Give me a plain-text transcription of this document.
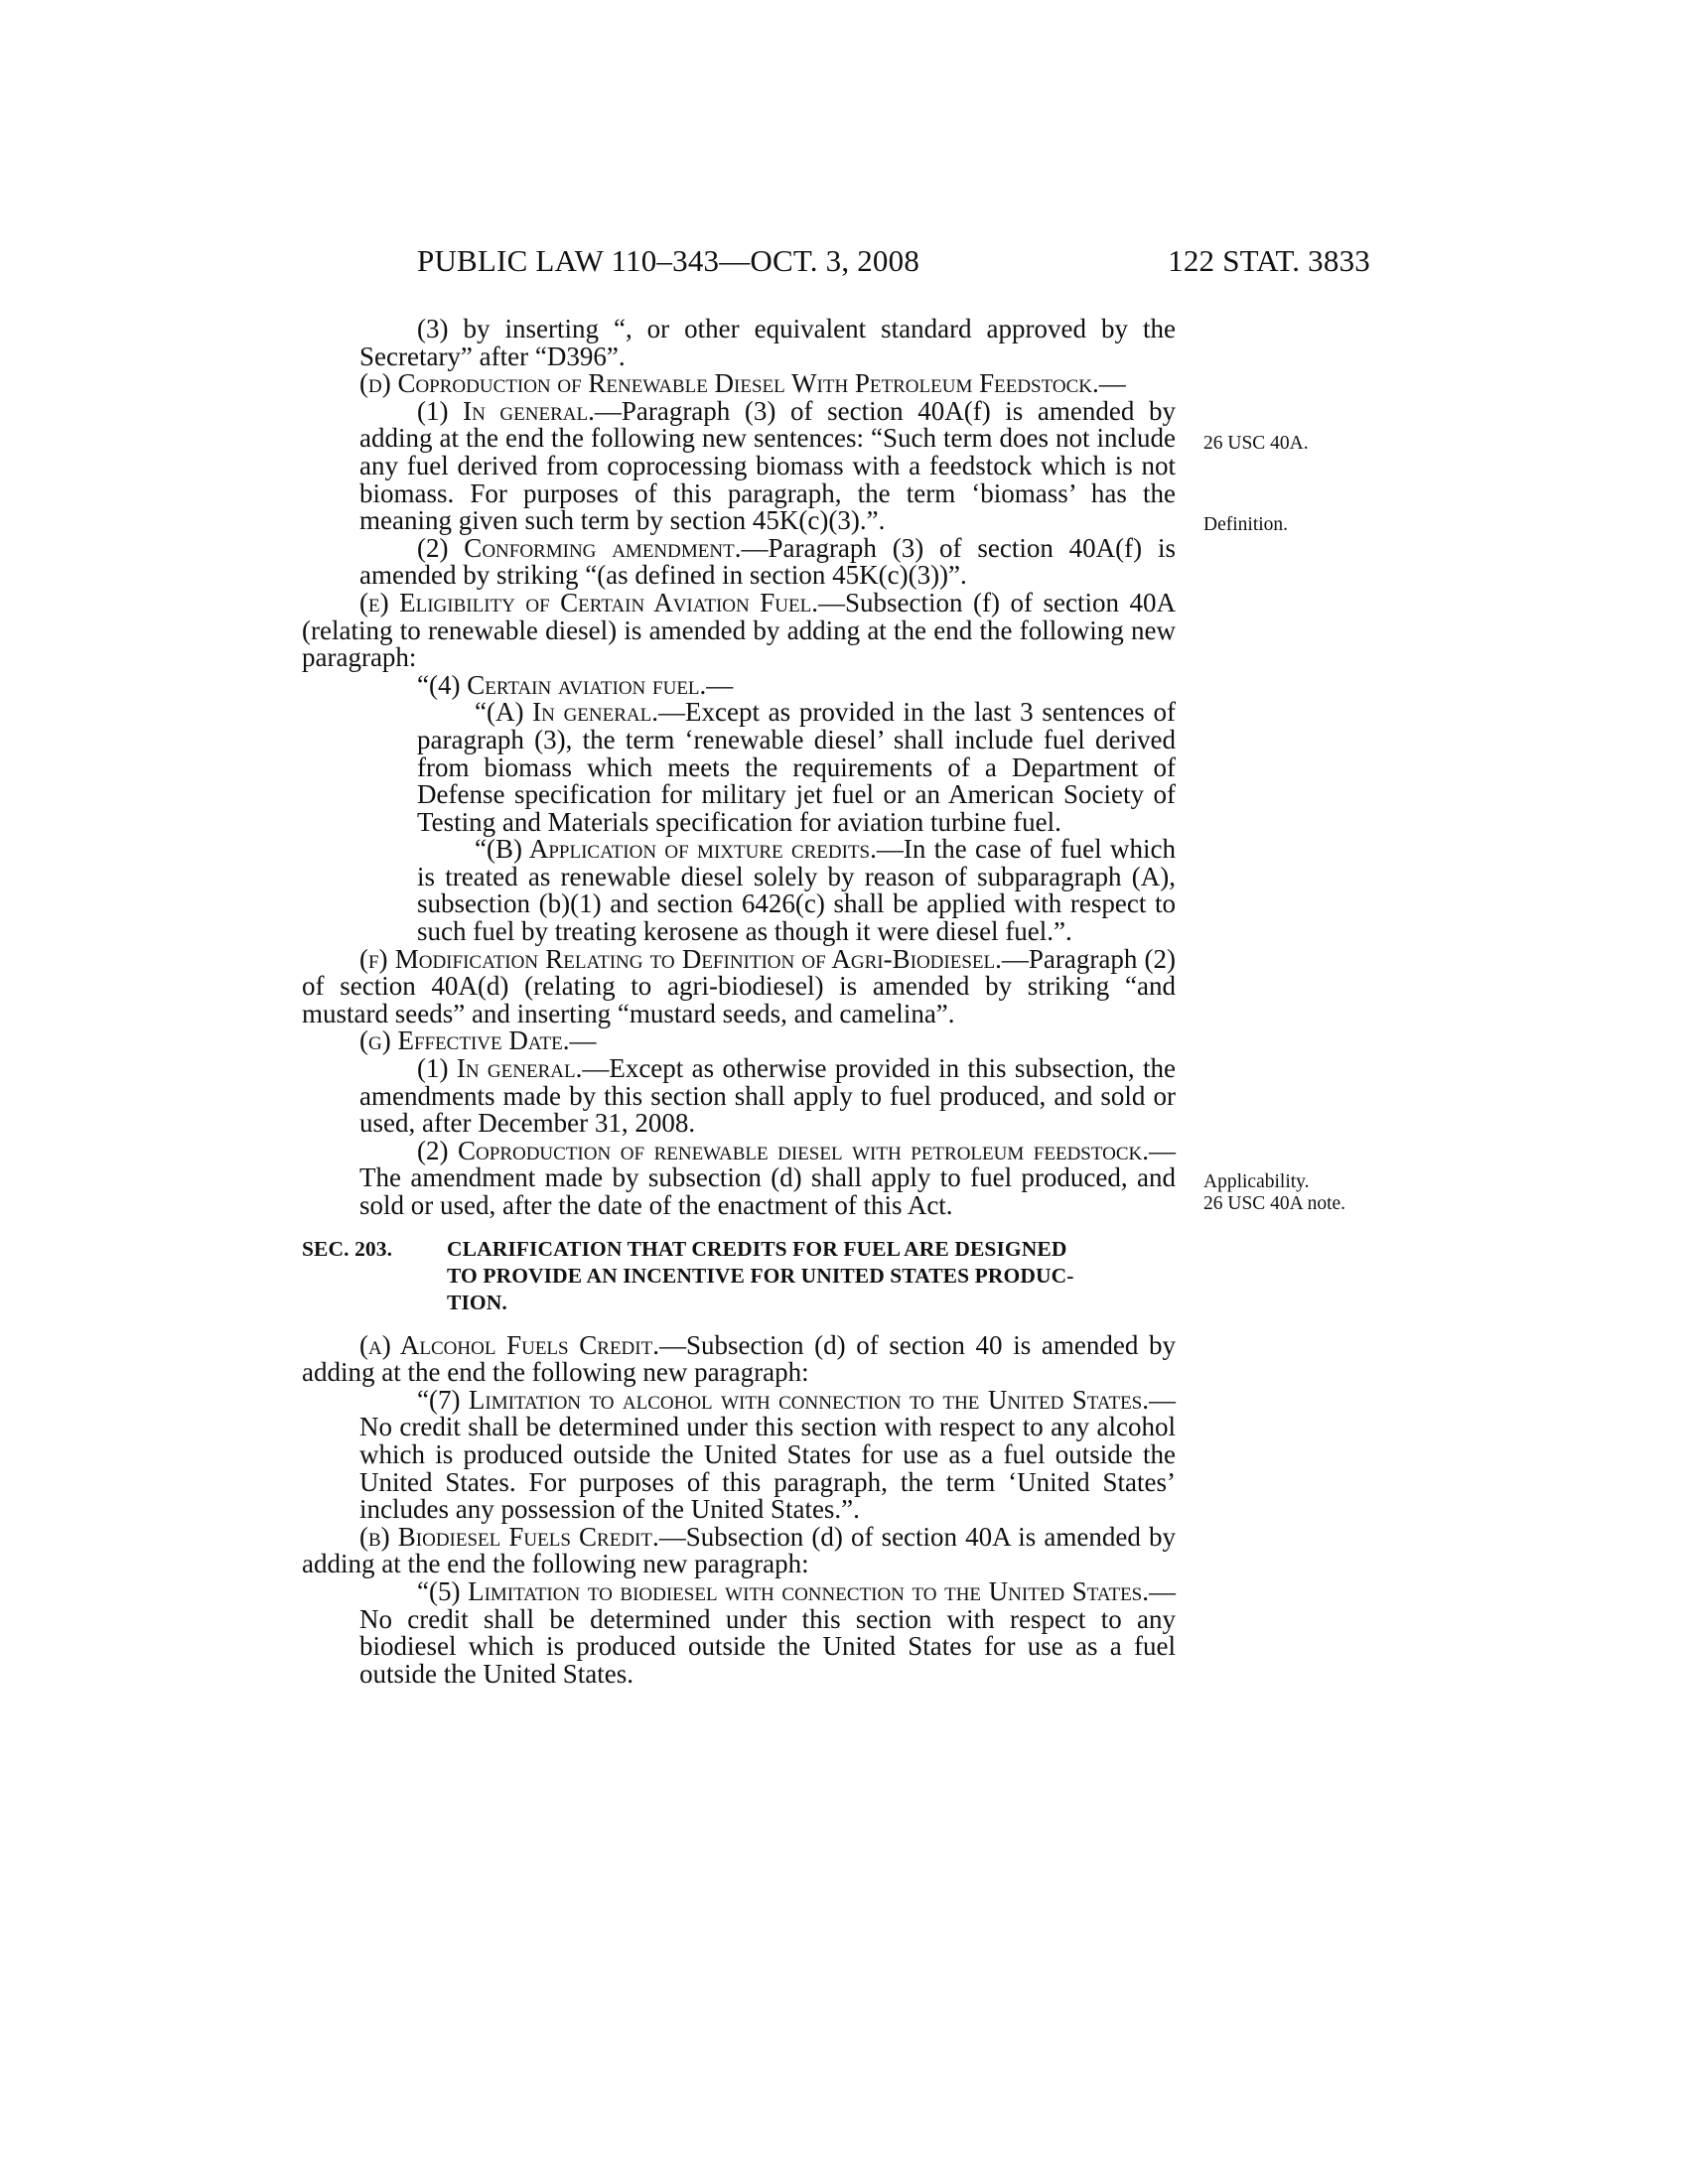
PUBLIC LAW 110–343—OCT. 3, 2008	122 STAT. 3833
26 USC 40A.
Definition.
Applicability.
26 USC 40A note.

(3) by inserting “, or other equivalent standard approved by the Secretary” after “D396”.

(d) Coproduction of Renewable Diesel With Petroleum Feedstock.—

(1) In general.—Paragraph (3) of section 40A(f) is amended by adding at the end the following new sentences: “Such term does not include any fuel derived from coprocessing biomass with a feedstock which is not biomass. For purposes of this paragraph, the term ‘biomass’ has the meaning given such term by section 45K(c)(3).”.

(2) Conforming amendment.—Paragraph (3) of section 40A(f) is amended by striking “(as defined in section 45K(c)(3))”.

(e) Eligibility of Certain Aviation Fuel.—Subsection (f) of section 40A (relating to renewable diesel) is amended by adding at the end the following new paragraph:

“(4) Certain aviation fuel.—

“(A) In general.—Except as provided in the last 3 sentences of paragraph (3), the term ‘renewable diesel’ shall include fuel derived from biomass which meets the requirements of a Department of Defense specification for military jet fuel or an American Society of Testing and Materials specification for aviation turbine fuel.

“(B) Application of mixture credits.—In the case of fuel which is treated as renewable diesel solely by reason of subparagraph (A), subsection (b)(1) and section 6426(c) shall be applied with respect to such fuel by treating kerosene as though it were diesel fuel.”.

(f) Modification Relating to Definition of Agri-Biodiesel.—Paragraph (2) of section 40A(d) (relating to agri-biodiesel) is amended by striking “and mustard seeds” and inserting “mustard seeds, and camelina”.

(g) Effective Date.—

(1) In general.—Except as otherwise provided in this subsection, the amendments made by this section shall apply to fuel produced, and sold or used, after December 31, 2008.

(2) Coproduction of renewable diesel with petroleum feedstock.—The amendment made by subsection (d) shall apply to fuel produced, and sold or used, after the date of the enactment of this Act.

SEC. 203.	CLARIFICATION THAT CREDITS FOR FUEL ARE DESIGNED
TO PROVIDE AN INCENTIVE FOR UNITED STATES PRODUC-
TION.

(a) Alcohol Fuels Credit.—Subsection (d) of section 40 is amended by adding at the end the following new paragraph:

“(7) Limitation to alcohol with connection to the United States.—No credit shall be determined under this section with respect to any alcohol which is produced outside the United States for use as a fuel outside the United States. For purposes of this paragraph, the term ‘United States’ includes any possession of the United States.”.

(b) Biodiesel Fuels Credit.—Subsection (d) of section 40A is amended by adding at the end the following new paragraph:

“(5) Limitation to biodiesel with connection to the United States.—No credit shall be determined under this section with respect to any biodiesel which is produced outside the United States for use as a fuel outside the United States.
